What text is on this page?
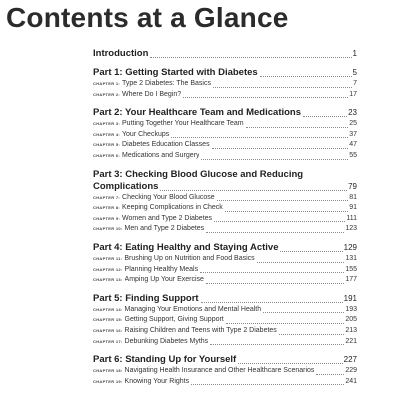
Contents at a Glance
Introduction	1
Part 1: Getting Started with Diabetes	5
CHAPTER 1: Type 2 Diabetes: The Basics	7
CHAPTER 2: Where Do I Begin?	17
Part 2: Your Healthcare Team and Medications	23
CHAPTER 3: Putting Together Your Healthcare Team	25
CHAPTER 4: Your Checkups	37
CHAPTER 5: Diabetes Education Classes	47
CHAPTER 6: Medications and Surgery	55
Part 3: Checking Blood Glucose and Reducing
Complications	79
CHAPTER 7: Checking Your Blood Glucose	81
CHAPTER 8: Keeping Complications in Check	91
CHAPTER 9: Women and Type 2 Diabetes	111
CHAPTER 10: Men and Type 2 Diabetes	123
Part 4: Eating Healthy and Staying Active	129
CHAPTER 11: Brushing Up on Nutrition and Food Basics	131
CHAPTER 12: Planning Healthy Meals	155
CHAPTER 13: Amping Up Your Exercise	177
Part 5: Finding Support	191
CHAPTER 14: Managing Your Emotions and Mental Health	193
CHAPTER 15: Getting Support, Giving Support	205
CHAPTER 16: Raising Children and Teens with Type 2 Diabetes	213
CHAPTER 17: Debunking Diabetes Myths	221
Part 6: Standing Up for Yourself	227
CHAPTER 18: Navigating Health Insurance and Other Healthcare Scenarios	229
CHAPTER 19: Knowing Your Rights	241
